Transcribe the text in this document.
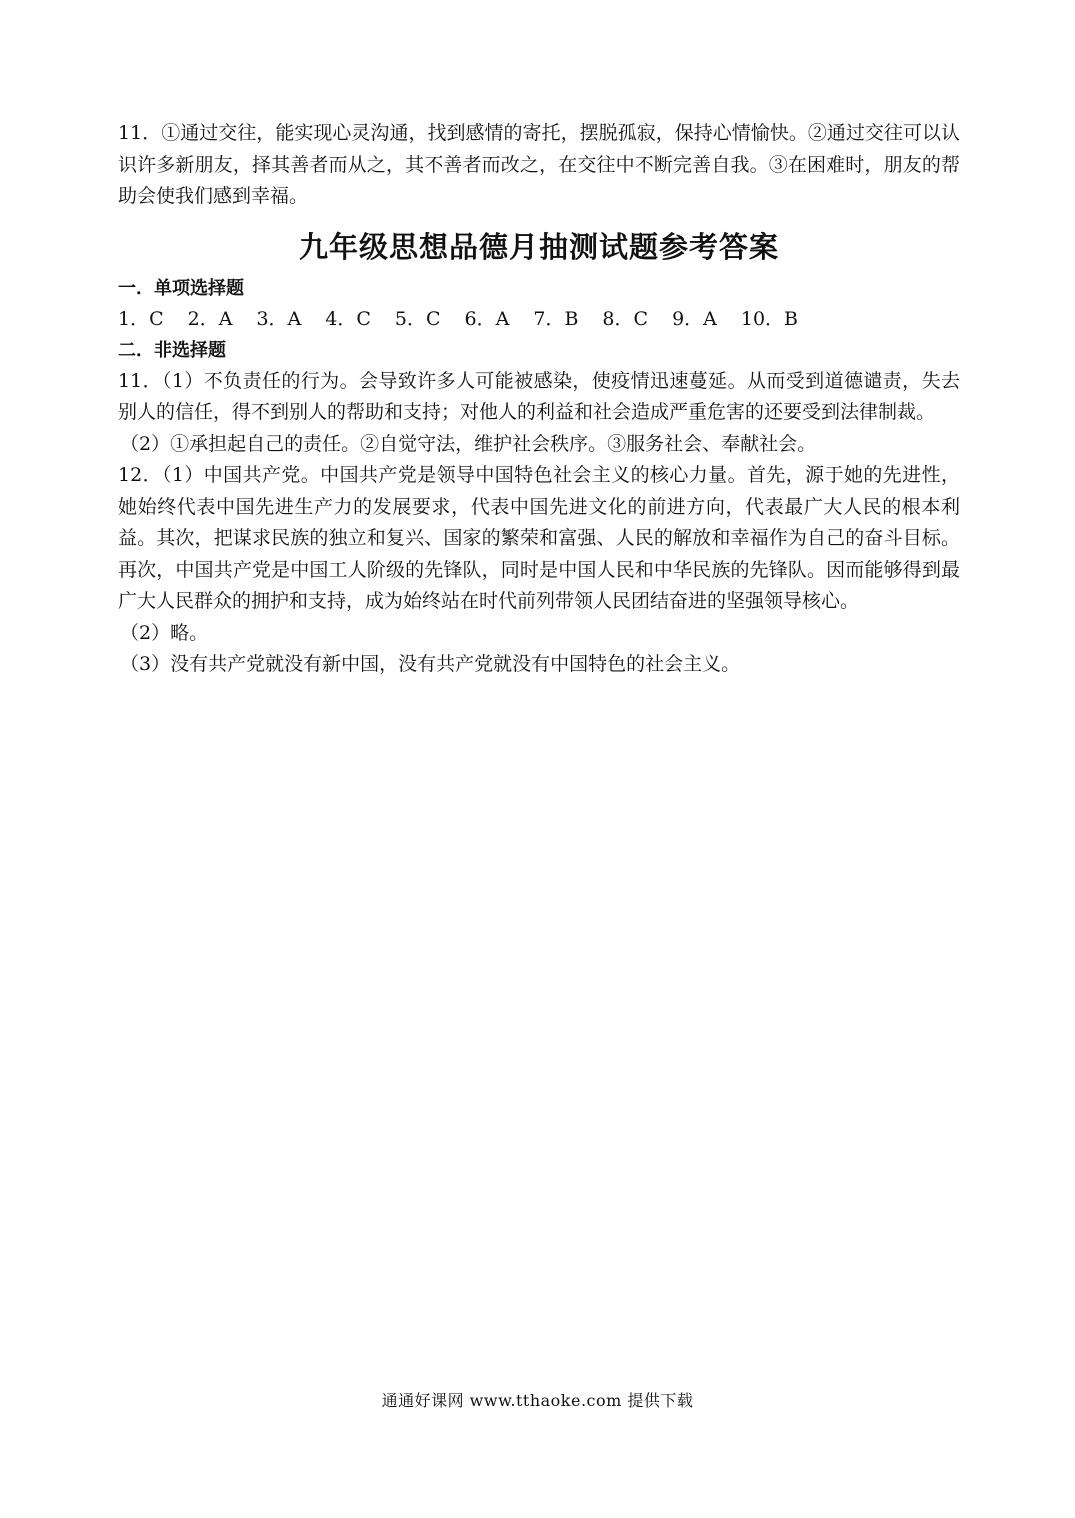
11．①通过交往，能实现心灵沟通，找到感情的寄托，摆脱孤寂，保持心情愉快。②通过交往可以认识许多新朋友，择其善者而从之，其不善者而改之，在交往中不断完善自我。③在困难时，朋友的帮助会使我们感到幸福。

九年级思想品德月抽测试题参考答案

一．单项选择题

1．C 2．A 3．A 4．C 5．C 6．A 7．B 8．C 9．A 10．B

二．非选择题

11．（1）不负责任的行为。会导致许多人可能被感染，使疫情迅速蔓延。从而受到道德谴责，失去别人的信任，得不到别人的帮助和支持；对他人的利益和社会造成严重危害的还要受到法律制裁。

（2）①承担起自己的责任。②自觉守法，维护社会秩序。③服务社会、奉献社会。

12．（1）中国共产党。中国共产党是领导中国特色社会主义的核心力量。首先，源于她的先进性，她始终代表中国先进生产力的发展要求，代表中国先进文化的前进方向，代表最广大人民的根本利益。其次，把谋求民族的独立和复兴、国家的繁荣和富强、人民的解放和幸福作为自己的奋斗目标。再次，中国共产党是中国工人阶级的先锋队，同时是中国人民和中华民族的先锋队。因而能够得到最广大人民群众的拥护和支持，成为始终站在时代前列带领人民团结奋进的坚强领导核心。

（2）略。

（3）没有共产党就没有新中国，没有共产党就没有中国特色的社会主义。

通通好课网 www.tthaoke.com 提供下载
